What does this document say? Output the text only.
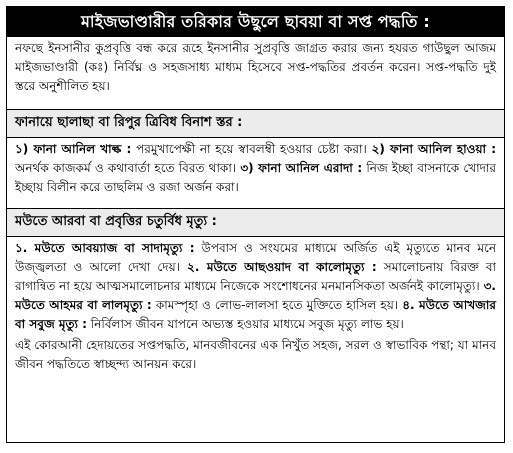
মাইজভাণ্ডারীর তরিকার উছুলে ছাবয়া বা সপ্ত পদ্ধতি :

নফছে ইনসানীর কুপ্রবৃত্তি বন্ধ করে রূহে ইনসানীর সুপ্রবৃত্তি জাগ্রত করার জন্য হযরত গাউছুল আজম মাইজভাণ্ডারী (কঃ) নির্বিঘ্ন ও সহজসাধ্য মাধ্যম হিসেবে সপ্ত-পদ্ধতির প্রবর্তন করেন। সপ্ত-পদ্ধতি দুই স্তরে অনুশীলিত হয়।

ফানায়ে ছালাছা বা রিপুর ত্রিবিধ বিনাশ স্তর :

১) ফানা আনিল খাল্ক : পরমুখাপেক্ষী না হয়ে স্বাবলম্বী হওয়ার চেষ্টা করা। ২) ফানা আনিল হাওয়া : অনর্থক কাজকর্ম ও কথাবার্তা হতে বিরত থাকা। ৩) ফানা আনিল এরাদা : নিজ ইচ্ছা বাসনাকে খোদার ইচ্ছায় বিলীন করে তাছলিম ও রজা অর্জন করা।

মউতে আরবা বা প্রবৃত্তির চতুর্বিধ মৃত্যু :

১. মউতে আবয়্যাজ বা সাদামৃত্যু : উপবাস ও সংযমের মাধ্যমে অর্জিত এই মৃত্যুতে মানব মনে উজ্জ্বলতা ও আলো দেখা দেয়। ২. মউতে আছওয়াদ বা কালোমৃত্যু : সমালোচনায় বিরক্ত বা রাগান্বিত না হয়ে আত্মসমালোচনার মাধ্যমে নিজেকে সংশোধনের মনমানসিকতা অর্জনই কালোমৃত্যু। ৩. মউতে আহমর বা লালমৃত্যু : কামস্পৃহা ও লোভ-লালসা হতে মুক্তিতে হাসিল হয়। ৪. মউতে আখজার বা সবুজ মৃত্যু : নির্বিলাস জীবন যাপনে অভ্যস্ত হওয়ার মাধ্যমে সবুজ মৃত্যু লাভ হয়।

এই কোরআনী হেদায়তের সপ্তপদ্ধতি, মানবজীবনের এক নিখুঁত সহজ, সরল ও স্বাভাবিক পন্থা; যা মানব জীবন পদ্ধতিতে স্বাচ্ছন্দ্য আনয়ন করে।
